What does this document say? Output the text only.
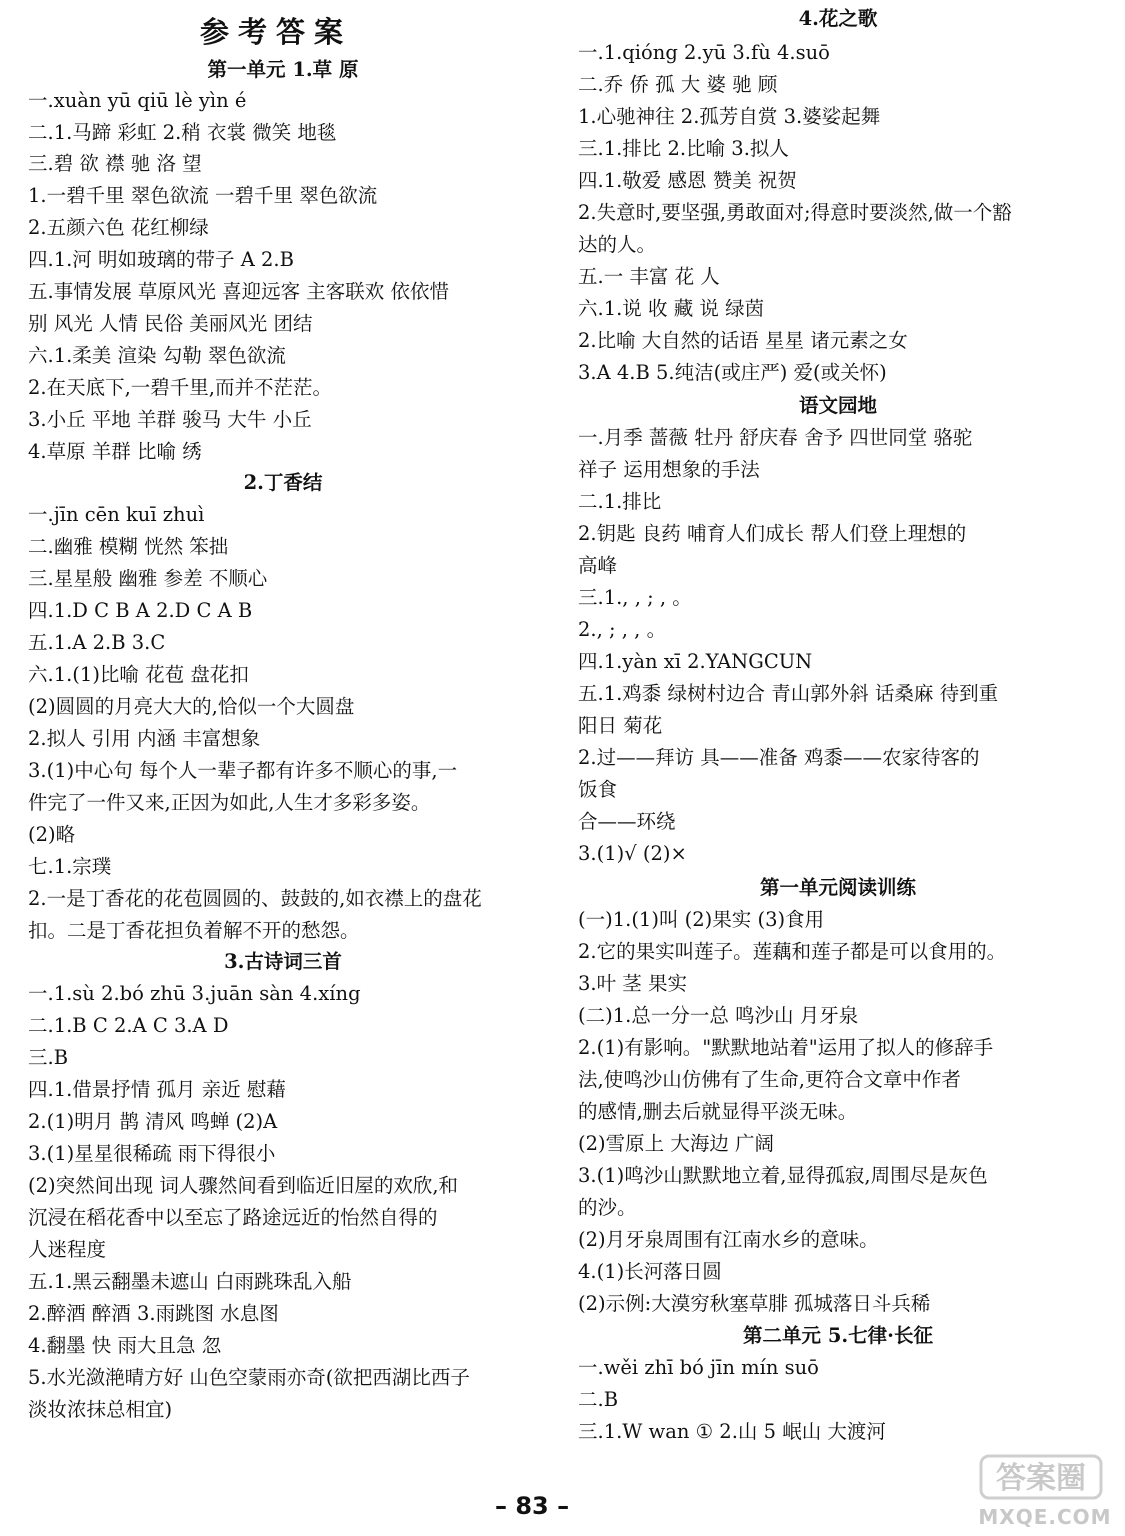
参考答案
第一单元 1.草 原
一.xuàn yū qiū lè yìn é
二.1.马蹄 彩虹 2.稍 衣裳 微笑 地毯
三.碧 欲 襟 驰 洛 望
1.一碧千里 翠色欲流 一碧千里 翠色欲流
2.五颜六色 花红柳绿
四.1.河 明如玻璃的带子 A 2.B
五.事情发展 草原风光 喜迎远客 主客联欢 依依惜
别 风光 人情 民俗 美丽风光 团结
六.1.柔美 渲染 勾勒 翠色欲流
2.在天底下,一碧千里,而并不茫茫。
3.小丘 平地 羊群 骏马 大牛 小丘
4.草原 羊群 比喻 绣
2.丁香结
一.jīn cēn kuī zhuì
二.幽雅 模糊 恍然 笨拙
三.星星般 幽雅 参差 不顺心
四.1.D C B A 2.D C A B
五.1.A 2.B 3.C
六.1.(1)比喻 花苞 盘花扣
(2)圆圆的月亮大大的,恰似一个大圆盘
2.拟人 引用 内涵 丰富想象
3.(1)中心句 每个人一辈子都有许多不顺心的事,一
件完了一件又来,正因为如此,人生才多彩多姿。
(2)略
七.1.宗璞
2.一是丁香花的花苞圆圆的、鼓鼓的,如衣襟上的盘花
扣。二是丁香花担负着解不开的愁怨。
3.古诗词三首
一.1.sù 2.bó zhū 3.juān sàn 4.xíng
二.1.B C 2.A C 3.A D
三.B
四.1.借景抒情 孤月 亲近 慰藉
2.(1)明月 鹊 清风 鸣蝉 (2)A
3.(1)星星很稀疏 雨下得很小
(2)突然间出现 词人骤然间看到临近旧屋的欢欣,和
沉浸在稻花香中以至忘了路途远近的怡然自得的
人迷程度
五.1.黑云翻墨未遮山 白雨跳珠乱入船
2.醉酒 醉酒 3.雨跳图 水息图
4.翻墨 快 雨大且急 忽
5.水光潋滟晴方好 山色空蒙雨亦奇(欲把西湖比西子
淡妆浓抹总相宜)
4.花之歌
一.1.qióng 2.yū 3.fù 4.suō
二.乔 侨 孤 大 婆 驰 顾
1.心驰神往 2.孤芳自赏 3.婆娑起舞
三.1.排比 2.比喻 3.拟人
四.1.敬爱 感恩 赞美 祝贺
2.失意时,要坚强,勇敢面对;得意时要淡然,做一个豁
达的人。
五.一 丰富 花 人
六.1.说 收 藏 说 绿茵
2.比喻 大自然的话语 星星 诸元素之女
3.A 4.B 5.纯洁(或庄严) 爱(或关怀)
语文园地
一.月季 蔷薇 牡丹 舒庆春 舍予 四世同堂 骆驼
祥子 运用想象的手法
二.1.排比
2.钥匙 良药 哺育人们成长 帮人们登上理想的
高峰
三.1., , ; , 。
2., ; , , 。
四.1.yàn xī 2.YANGCUN
五.1.鸡黍 绿树村边合 青山郭外斜 话桑麻 待到重
阳日 菊花
2.过——拜访 具——准备 鸡黍——农家待客的
饭食
合——环绕
3.(1)√ (2)×
第一单元阅读训练
(一)1.(1)叫 (2)果实 (3)食用
2.它的果实叫莲子。莲藕和莲子都是可以食用的。
3.叶 茎 果实
(二)1.总一分一总 鸣沙山 月牙泉
2.(1)有影响。"默默地站着"运用了拟人的修辞手
法,使鸣沙山仿佛有了生命,更符合文章中作者
的感情,删去后就显得平淡无味。
(2)雪原上 大海边 广阔
3.(1)鸣沙山默默地立着,显得孤寂,周围尽是灰色
的沙。
(2)月牙泉周围有江南水乡的意味。
4.(1)长河落日圆
(2)示例:大漠穷秋塞草腓 孤城落日斗兵稀
第二单元 5.七律·长征
一.wěi zhī bó jīn mín suō
二.B
三.1.W wan ① 2.山 5 岷山 大渡河
– 83 –
答案圈
MXQE.COM
